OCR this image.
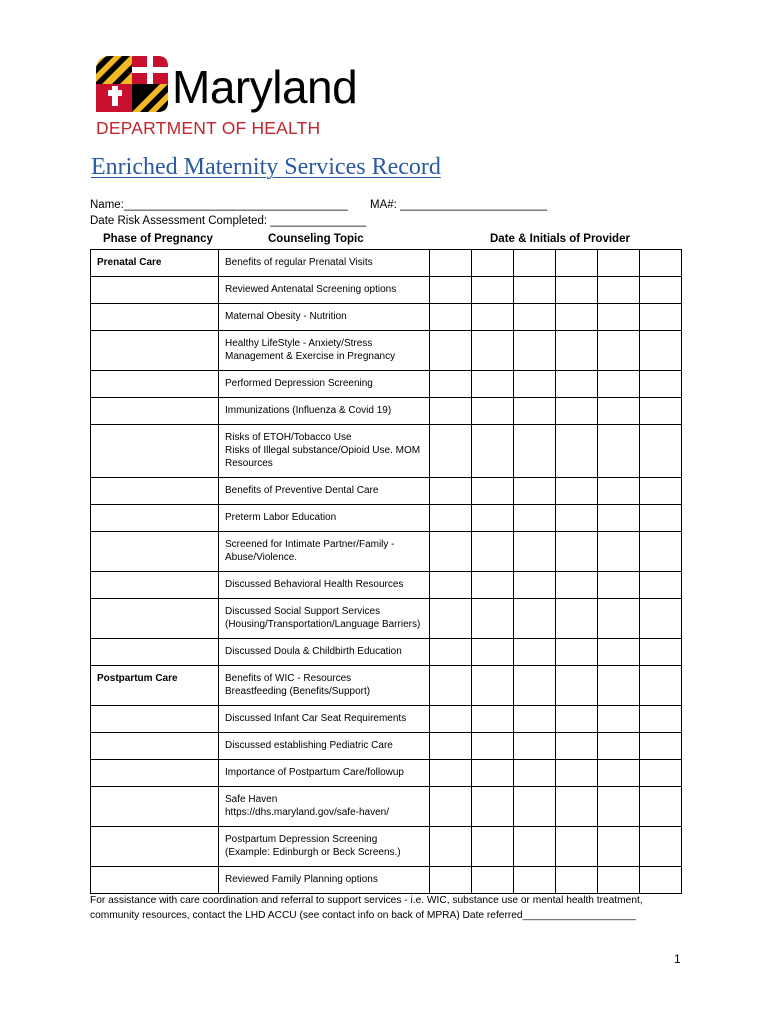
Maryland
DEPARTMENT OF HEALTH
Enriched Maternity Services Record
Name:___________________________________ MA#: _______________________
Date Risk Assessment Completed: _______________
Phase of Pregnancy	Counseling Topic	Date & Initials of Provider
Prenatal Care	Benefits of regular Prenatal Visits						
	Reviewed Antenatal Screening options						
	Maternal Obesity - Nutrition						
	Healthy LifeStyle - Anxiety/Stress
Management & Exercise in Pregnancy						
	Performed Depression Screening						
	Immunizations (Influenza & Covid 19)						
	Risks of ETOH/Tobacco Use
Risks of Illegal substance/Opioid Use. MOM
Resources						
	Benefits of Preventive Dental Care						
	Preterm Labor Education						
	Screened for Intimate Partner/Family -
Abuse/Violence.						
	Discussed Behavioral Health Resources						
	Discussed Social Support Services
(Housing/Transportation/Language Barriers)						
	Discussed Doula & Childbirth Education						
Postpartum Care	Benefits of WIC - Resources
Breastfeeding (Benefits/Support)						
	Discussed Infant Car Seat Requirements						
	Discussed establishing Pediatric Care						
	Importance of Postpartum Care/followup						
	Safe Haven
https://dhs.maryland.gov/safe-haven/						
	Postpartum Depression Screening
(Example: Edinburgh or Beck Screens.)						
	Reviewed Family Planning options						
For assistance with care coordination and referral to support services - i.e. WIC, substance use or mental health treatment, community resources, contact the LHD ACCU (see contact info on back of MPRA) Date referred____________________
1
